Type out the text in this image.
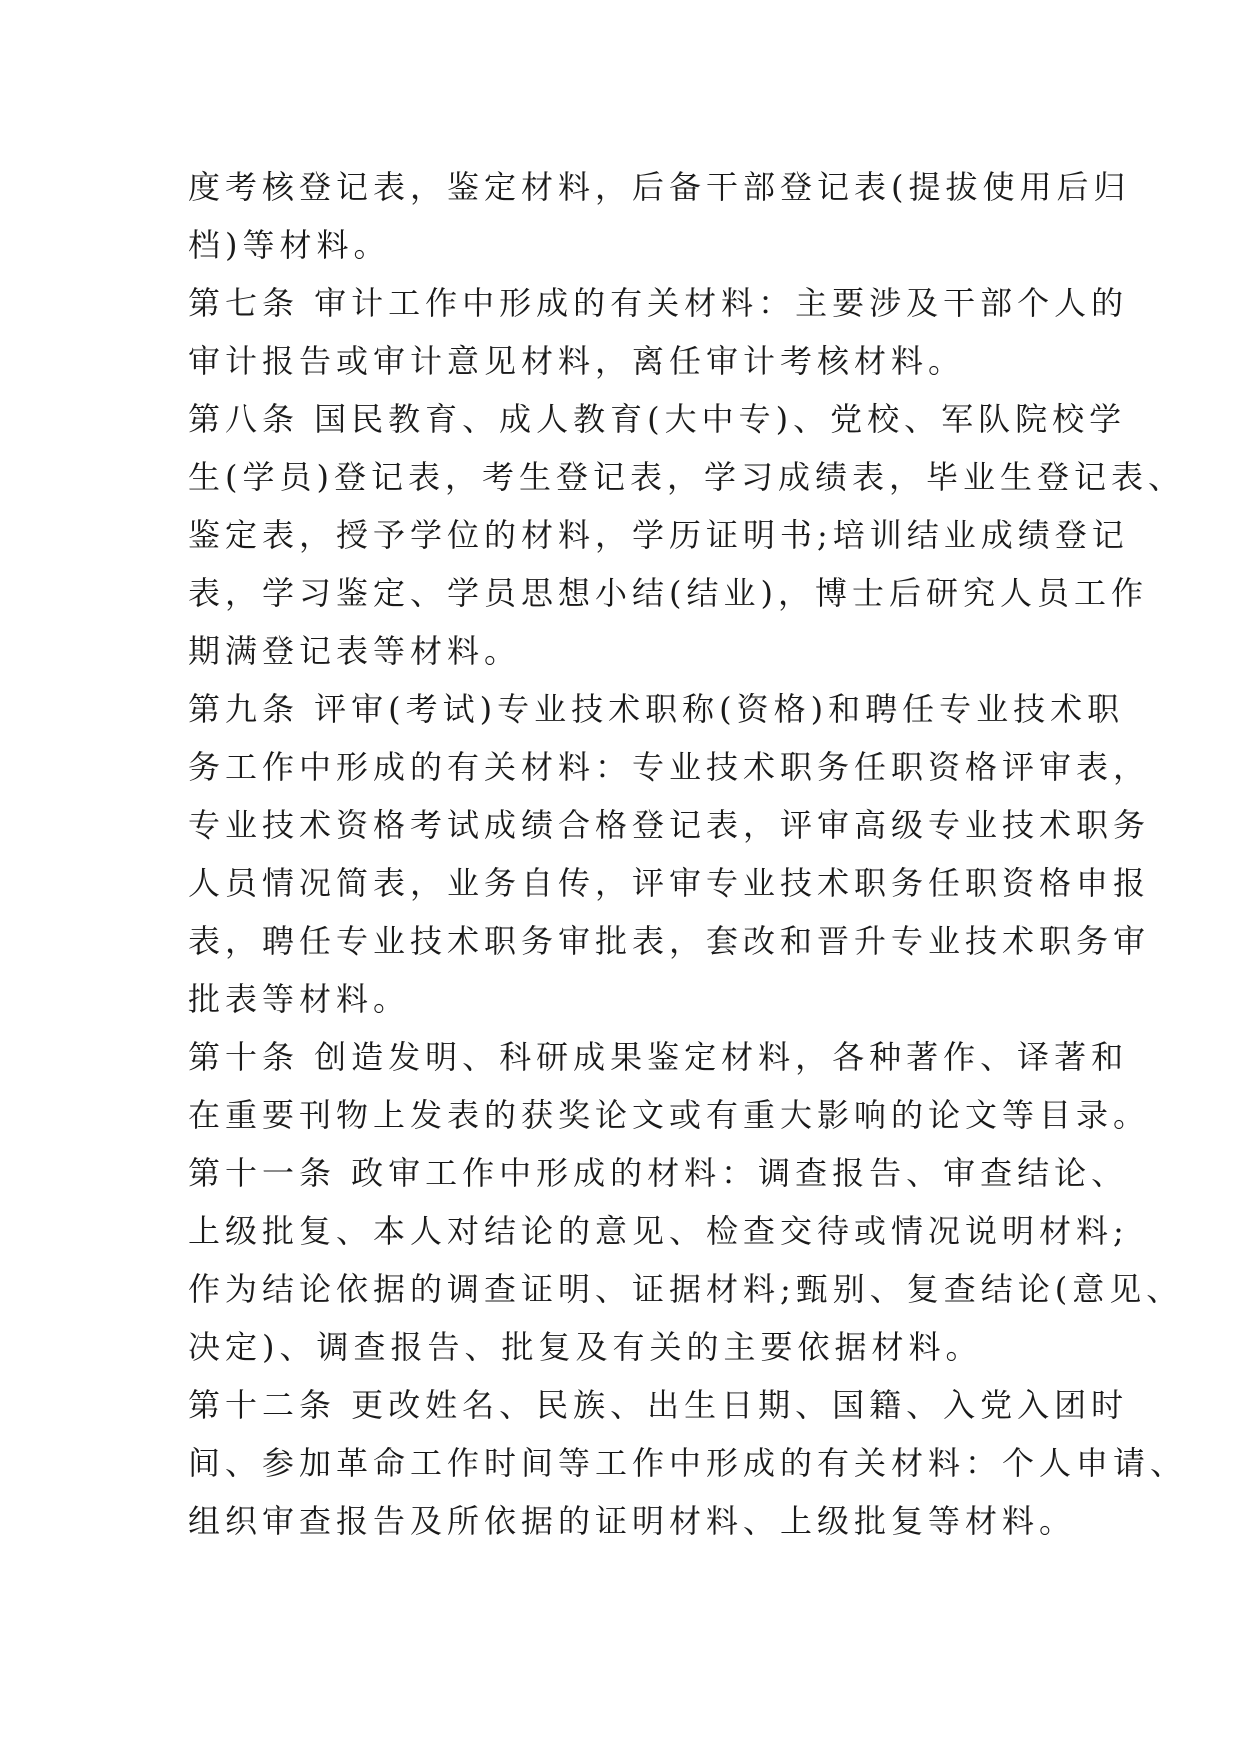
度考核登记表，鉴定材料，后备干部登记表(提拔使用后归
档)等材料。
第七条 审计工作中形成的有关材料：主要涉及干部个人的
审计报告或审计意见材料，离任审计考核材料。
第八条 国民教育、成人教育(大中专)、党校、军队院校学
生(学员)登记表，考生登记表，学习成绩表，毕业生登记表、
鉴定表，授予学位的材料，学历证明书;培训结业成绩登记
表，学习鉴定、学员思想小结(结业)，博士后研究人员工作
期满登记表等材料。
第九条 评审(考试)专业技术职称(资格)和聘任专业技术职
务工作中形成的有关材料：专业技术职务任职资格评审表，
专业技术资格考试成绩合格登记表，评审高级专业技术职务
人员情况简表，业务自传，评审专业技术职务任职资格申报
表，聘任专业技术职务审批表，套改和晋升专业技术职务审
批表等材料。
第十条 创造发明、科研成果鉴定材料，各种著作、译著和
在重要刊物上发表的获奖论文或有重大影响的论文等目录。
第十一条 政审工作中形成的材料：调查报告、审查结论、
上级批复、本人对结论的意见、检查交待或情况说明材料;
作为结论依据的调查证明、证据材料;甄别、复查结论(意见、
决定)、调查报告、批复及有关的主要依据材料。
第十二条 更改姓名、民族、出生日期、国籍、入党入团时
间、参加革命工作时间等工作中形成的有关材料：个人申请、
组织审查报告及所依据的证明材料、上级批复等材料。
